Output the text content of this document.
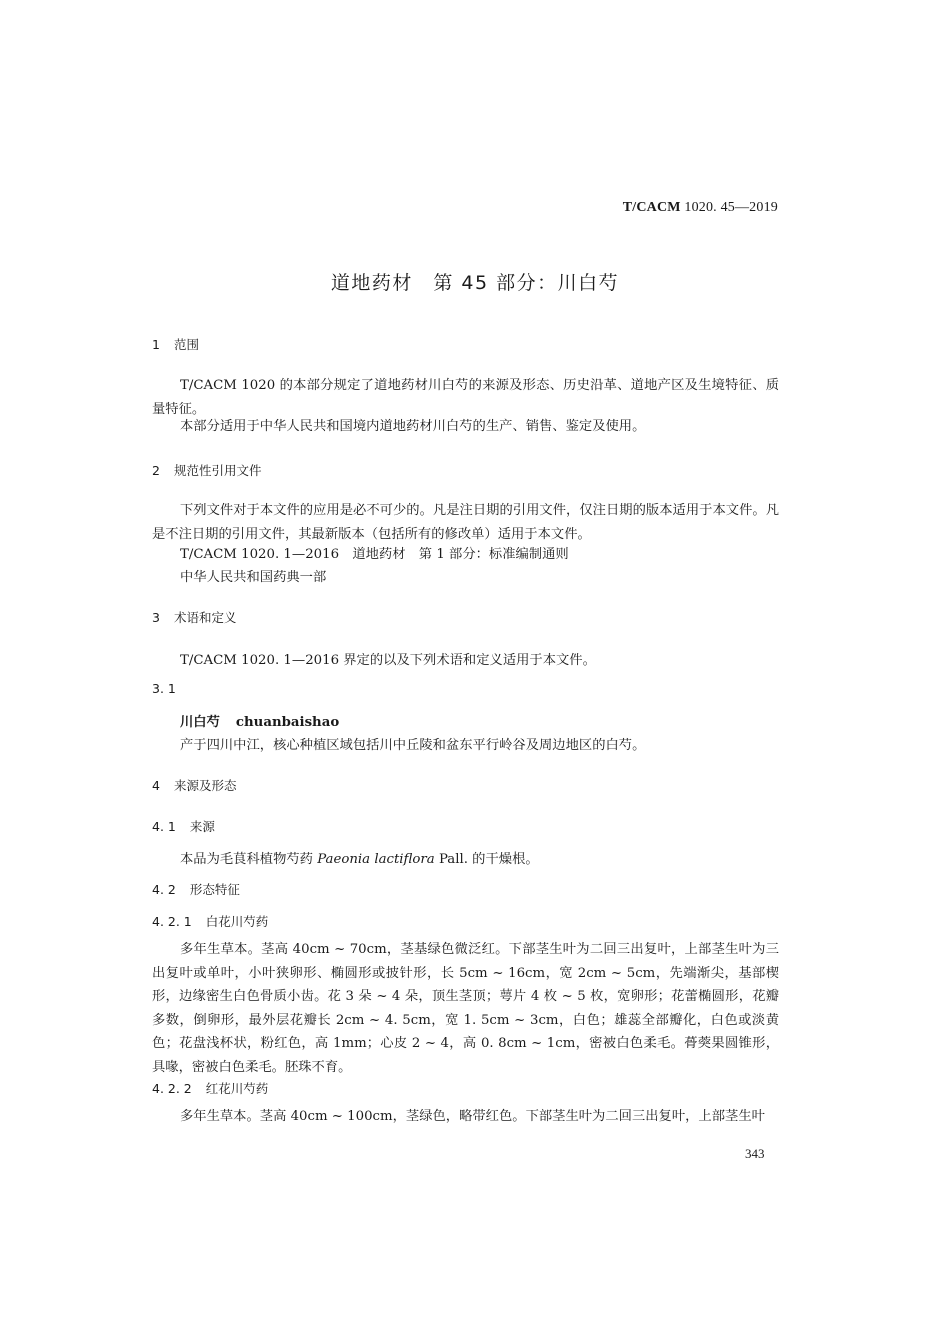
T/CACM 1020. 45—2019
道地药材　第 45 部分：川白芍
1 范围

T/CACM 1020 的本部分规定了道地药材川白芍的来源及形态、历史沿革、道地产区及生境特征、质量特征。

本部分适用于中华人民共和国境内道地药材川白芍的生产、销售、鉴定及使用。

2 规范性引用文件

下列文件对于本文件的应用是必不可少的。凡是注日期的引用文件，仅注日期的版本适用于本文件。凡是不注日期的引用文件，其最新版本（包括所有的修改单）适用于本文件。

T/CACM 1020. 1—2016　道地药材　第 1 部分：标准编制通则

中华人民共和国药典一部

3 术语和定义

T/CACM 1020. 1—2016 界定的以及下列术语和定义适用于本文件。

3. 1
川白芍 chuanbaishao

产于四川中江，核心种植区域包括川中丘陵和盆东平行岭谷及周边地区的白芍。

4 来源及形态
4. 1 来源

本品为毛茛科植物芍药 Paeonia lactiflora Pall. 的干燥根。

4. 2 形态特征
4. 2. 1 白花川芍药

多年生草本。茎高 40cm ~ 70cm，茎基绿色微泛红。下部茎生叶为二回三出复叶，上部茎生叶为三出复叶或单叶，小叶狭卵形、椭圆形或披针形，长 5cm ~ 16cm，宽 2cm ~ 5cm，先端渐尖，基部楔形，边缘密生白色骨质小齿。花 3 朵 ~ 4 朵，顶生茎顶；萼片 4 枚 ~ 5 枚，宽卵形；花蕾椭圆形，花瓣多数，倒卵形，最外层花瓣长 2cm ~ 4. 5cm，宽 1. 5cm ~ 3cm，白色；雄蕊全部瓣化，白色或淡黄色；花盘浅杯状，粉红色，高 1mm；心皮 2 ~ 4，高 0. 8cm ~ 1cm，密被白色柔毛。蓇葖果圆锥形，具喙，密被白色柔毛。胚珠不育。

4. 2. 2 红花川芍药

多年生草本。茎高 40cm ~ 100cm，茎绿色，略带红色。下部茎生叶为二回三出复叶，上部茎生叶

343
